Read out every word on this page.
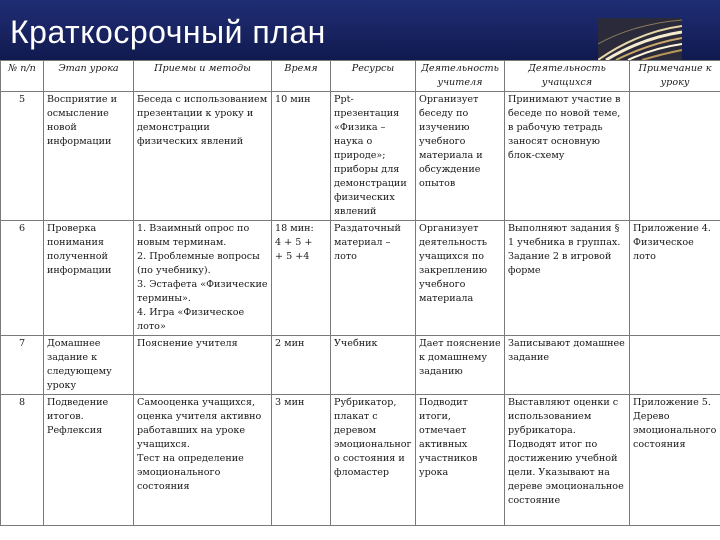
Краткосрочный план
№ п/п	Этап урока	Приемы и методы	Время	Ресурсы	Деятельность учителя	Деятельность учащихся	Примечание к уроку
5	Восприятие и осмысление новой информации	Беседа с использованием презентации к уроку и демонстрации физических явлений	10 мин	Ppt-презентация «Физика – наука о природе»; приборы для демонстрации физических явлений	Организует беседу по изучению учебного материала и обсуждение опытов	Принимают участие в беседе по новой теме, в рабочую тетрадь заносят основную блок-схему	
6	Проверка понимания полученной информации	1. Взаимный опрос по новым терминам.
2. Проблемные вопросы (по учебнику).
3. Эстафета «Физические термины».
4. Игра «Физическое лото»	18 мин:
4 + 5 +
+ 5 +4	Раздаточный материал – лото	Организует деятельность учащихся по закреплению учебного материала	Выполняют задания § 1 учебника в группах. Задание 2 в игровой форме	Приложение 4. Физическое лото
7	Домашнее задание к следующему уроку	Пояснение учителя	2 мин	Учебник	Дает пояснение к домашнему заданию	Записывают домашнее задание	
8	Подведение итогов. Рефлексия	Самооценка учащихся, оценка учителя активно работавших на уроке учащихся.
Тест на определение эмоционального состояния	3 мин	Рубрикатор, плакат с деревом эмоционального состояния и фломастер	Подводит итоги, отмечает активных участников урока	Выставляют оценки с использованием рубрикатора. Подводят итог по достижению учебной цели. Указывают на дереве эмоциональное состояние	Приложение 5. Дерево эмоционального состояния
